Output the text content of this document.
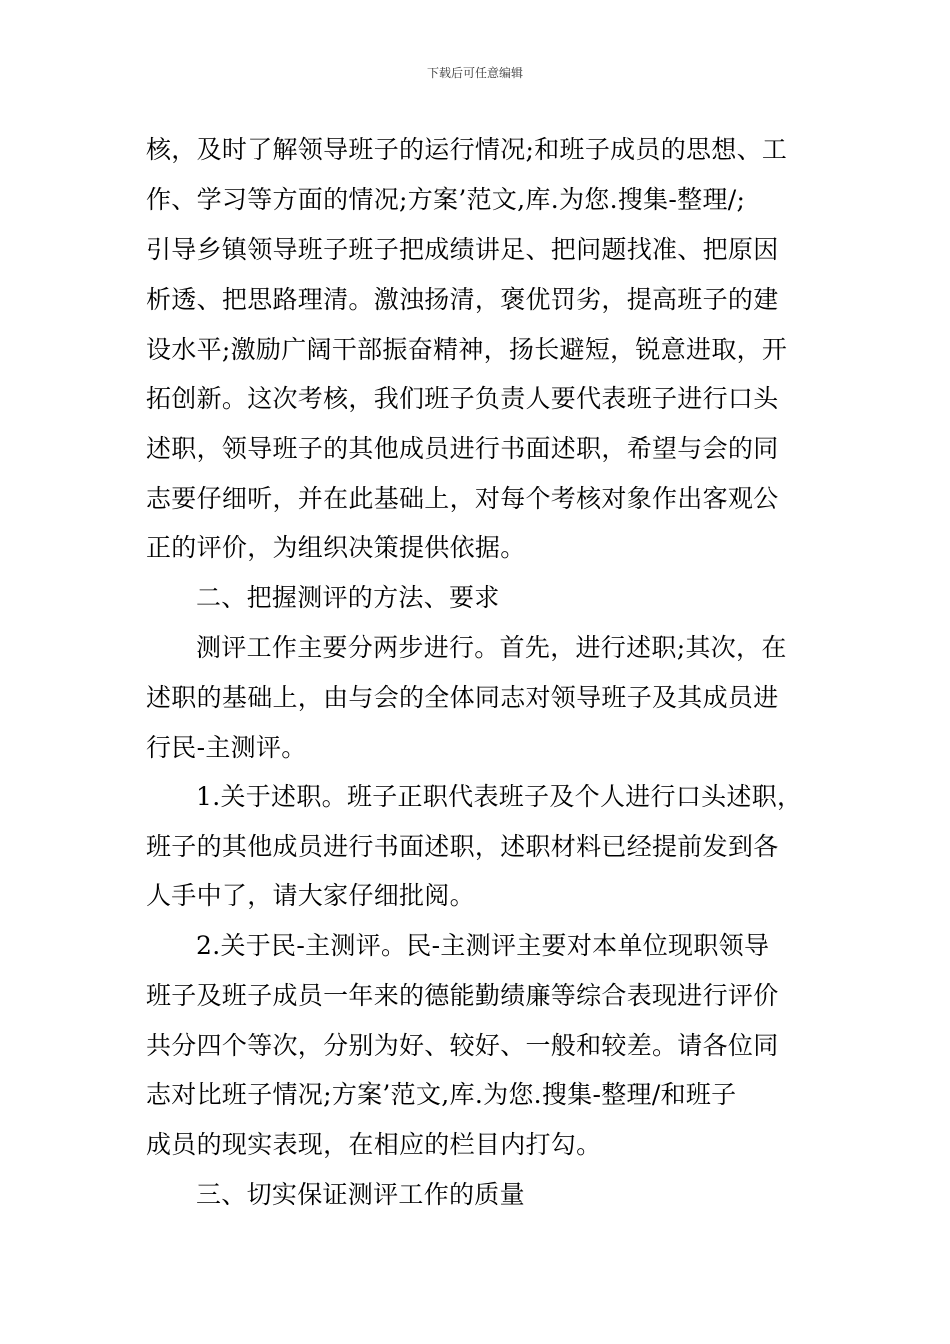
下载后可任意编辑
核，及时了解领导班子的运行情况;和班子成员的思想、工
作、学习等方面的情况;方案’范文,库.为您.搜集-整理/;
引导乡镇领导班子班子把成绩讲足、把问题找准、把原因
析透、把思路理清。激浊扬清，褒优罚劣，提高班子的建
设水平;激励广阔干部振奋精神，扬长避短，锐意进取，开
拓创新。这次考核，我们班子负责人要代表班子进行口头
述职，领导班子的其他成员进行书面述职，希望与会的同
志要仔细听，并在此基础上，对每个考核对象作出客观公
正的评价，为组织决策提供依据。
二、把握测评的方法、要求
测评工作主要分两步进行。首先，进行述职;其次，在
述职的基础上，由与会的全体同志对领导班子及其成员进
行民-主测评。
1.关于述职。班子正职代表班子及个人进行口头述职，
班子的其他成员进行书面述职，述职材料已经提前发到各
人手中了，请大家仔细批阅。
2.关于民-主测评。民-主测评主要对本单位现职领导
班子及班子成员一年来的德能勤绩廉等综合表现进行评价
共分四个等次，分别为好、较好、一般和较差。请各位同
志对比班子情况;方案’范文,库.为您.搜集-整理/和班子
成员的现实表现，在相应的栏目内打勾。
三、切实保证测评工作的质量
